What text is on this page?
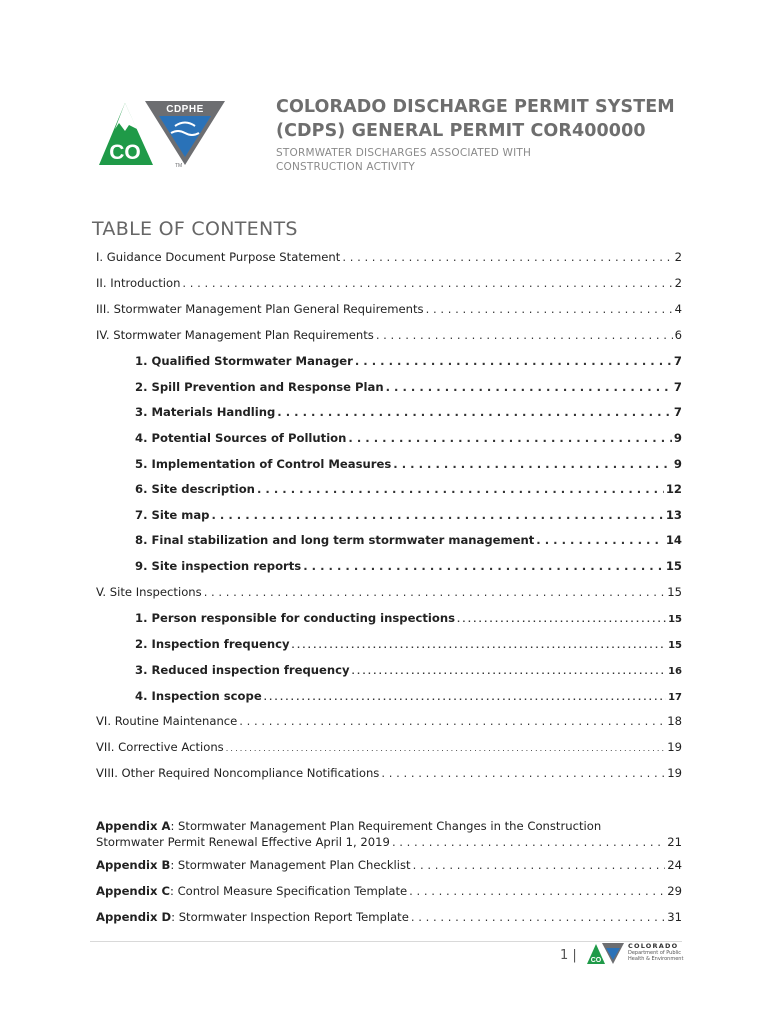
CDPHE
CO
TM
COLORADO DISCHARGE PERMIT SYSTEM
(CDPS) GENERAL PERMIT COR400000
STORMWATER DISCHARGES ASSOCIATED WITH
CONSTRUCTION ACTIVITY
TABLE OF CONTENTS
I. Guidance Document Purpose Statement . . .	2
II. Introduction . . .	2
III. Stormwater Management Plan General Requirements . . .	4
IV. Stormwater Management Plan Requirements . . .	6
1. Qualified Stormwater Manager . . .	7
2. Spill Prevention and Response Plan . . .	7
3. Materials Handling . . .	7
4. Potential Sources of Pollution . . .	9
5. Implementation of Control Measures . . .	9
6. Site description . . .	12
7. Site map . . .	13
8. Final stabilization and long term stormwater management . . .	14
9. Site inspection reports . . .	15
V. Site Inspections . . .	15
1. Person responsible for conducting inspections . . .	15
2. Inspection frequency . . .	15
3. Reduced inspection frequency . . .	16
4. Inspection scope . . .	17
VI. Routine Maintenance . . .	18
VII. Corrective Actions . . .	19
VIII. Other Required Noncompliance Notifications . . .	19
Appendix A: Stormwater Management Plan Requirement Changes in the Construction
Stormwater Permit Renewal Effective April 1, 2019 . . .	21
Appendix B: Stormwater Management Plan Checklist . . .	24
Appendix C: Control Measure Specification Template . . .	29
Appendix D: Stormwater Inspection Report Template . . .	31
1 | CO
COLORADO
Department of Public
Health & Environment
